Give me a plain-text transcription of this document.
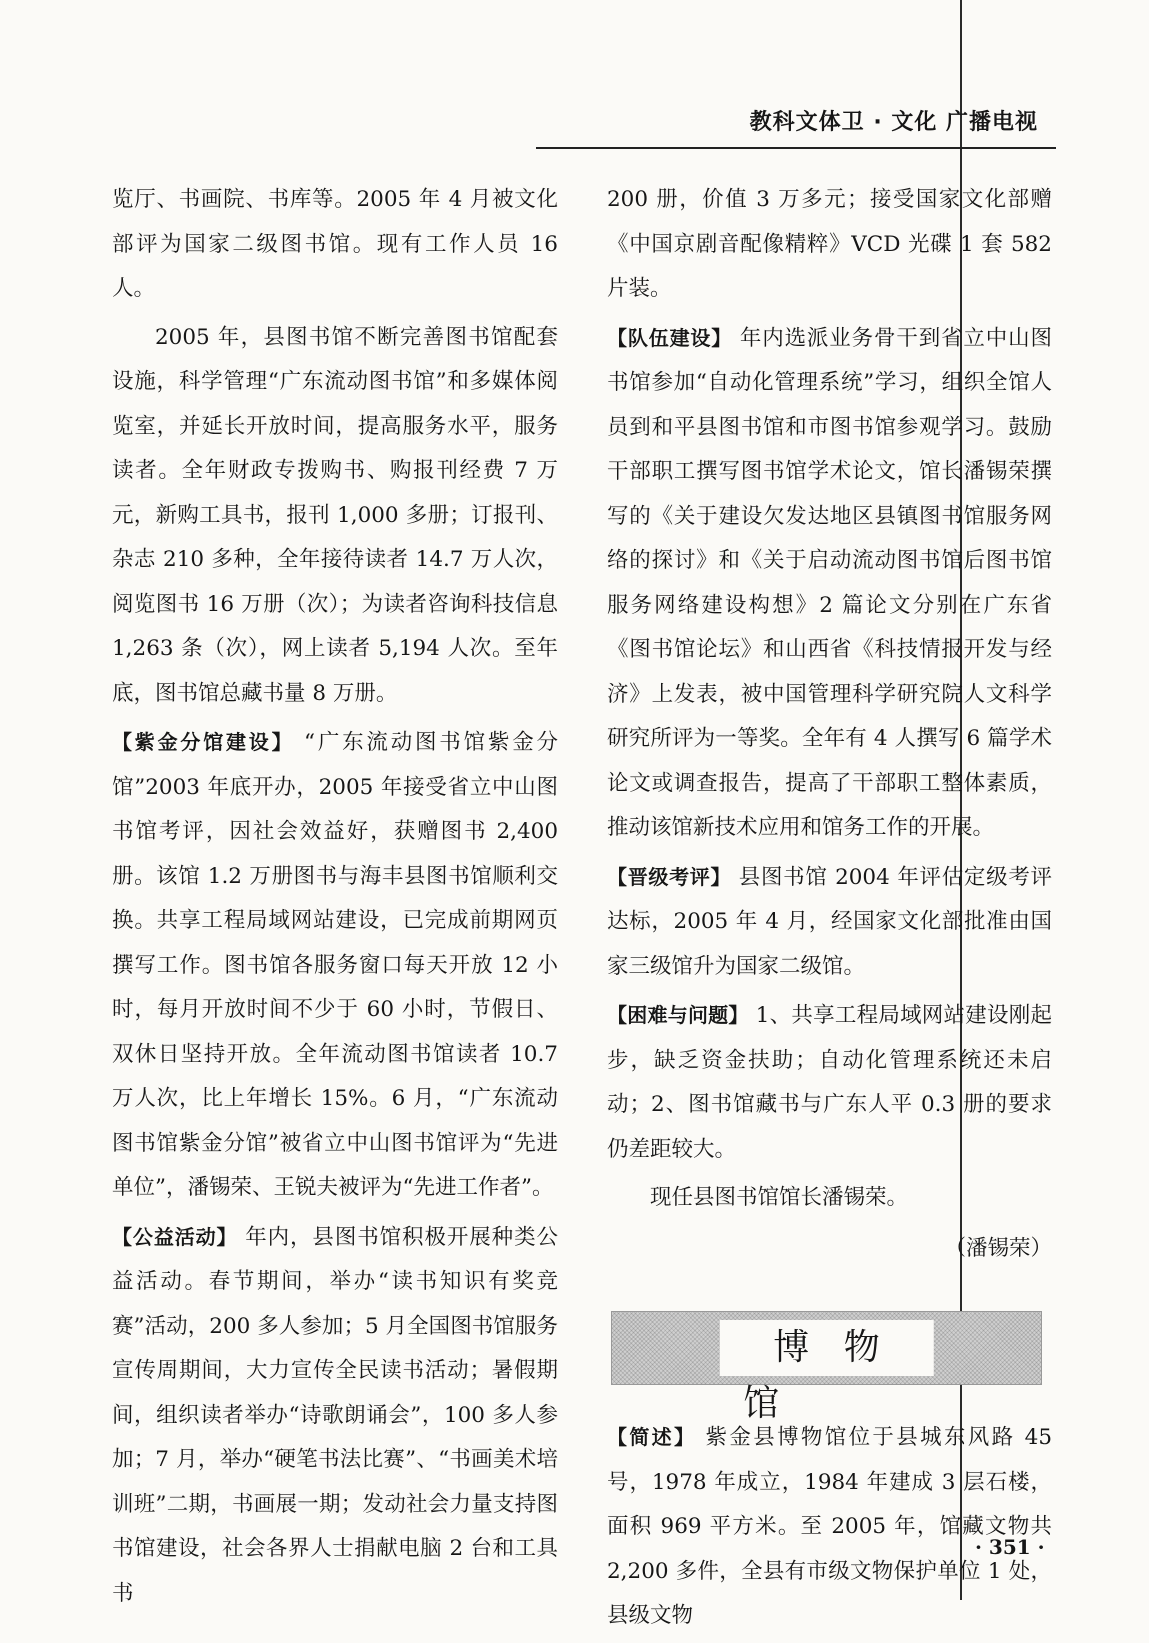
教科文体卫 · 文化 广播电视

览厅、书画院、书库等。2005 年 4 月被文化部评为国家二级图书馆。现有工作人员 16 人。

2005 年，县图书馆不断完善图书馆配套设施，科学管理“广东流动图书馆”和多媒体阅览室，并延长开放时间，提高服务水平，服务读者。全年财政专拨购书、购报刊经费 7 万元，新购工具书，报刊 1,000 多册；订报刊、杂志 210 多种，全年接待读者 14.7 万人次，阅览图书 16 万册（次）；为读者咨询科技信息 1,263 条（次），网上读者 5,194 人次。至年底，图书馆总藏书量 8 万册。

【紫金分馆建设】 “广东流动图书馆紫金分馆”2003 年底开办，2005 年接受省立中山图书馆考评，因社会效益好，获赠图书 2,400 册。该馆 1.2 万册图书与海丰县图书馆顺利交换。共享工程局域网站建设，已完成前期网页撰写工作。图书馆各服务窗口每天开放 12 小时，每月开放时间不少于 60 小时，节假日、双休日坚持开放。全年流动图书馆读者 10.7 万人次，比上年增长 15%。6 月，“广东流动图书馆紫金分馆”被省立中山图书馆评为“先进单位”，潘锡荣、王锐夫被评为“先进工作者”。

【公益活动】 年内，县图书馆积极开展种类公益活动。春节期间，举办“读书知识有奖竞赛”活动，200 多人参加；5 月全国图书馆服务宣传周期间，大力宣传全民读书活动；暑假期间，组织读者举办“诗歌朗诵会”，100 多人参加；7 月，举办“硬笔书法比赛”、“书画美术培训班”二期，书画展一期；发动社会力量支持图书馆建设，社会各界人士捐献电脑 2 台和工具书

200 册，价值 3 万多元；接受国家文化部赠《中国京剧音配像精粹》VCD 光碟 1 套 582 片装。

【队伍建设】 年内选派业务骨干到省立中山图书馆参加“自动化管理系统”学习，组织全馆人员到和平县图书馆和市图书馆参观学习。鼓励干部职工撰写图书馆学术论文，馆长潘锡荣撰写的《关于建设欠发达地区县镇图书馆服务网络的探讨》和《关于启动流动图书馆后图书馆服务网络建设构想》2 篇论文分别在广东省《图书馆论坛》和山西省《科技情报开发与经济》上发表，被中国管理科学研究院人文科学研究所评为一等奖。全年有 4 人撰写 6 篇学术论文或调查报告，提高了干部职工整体素质，推动该馆新技术应用和馆务工作的开展。

【晋级考评】 县图书馆 2004 年评估定级考评达标，2005 年 4 月，经国家文化部批准由国家三级馆升为国家二级馆。

【困难与问题】 1、共享工程局域网站建设刚起步，缺乏资金扶助；自动化管理系统还未启动；2、图书馆藏书与广东人平 0.3 册的要求仍差距较大。

现任县图书馆馆长潘锡荣。

（潘锡荣）

博物馆

【简述】 紫金县博物馆位于县城东风路 45 号，1978 年成立，1984 年建成 3 层石楼，面积 969 平方米。至 2005 年，馆藏文物共 2,200 多件，全县有市级文物保护单位 1 处，县级文物

· 351 ·
